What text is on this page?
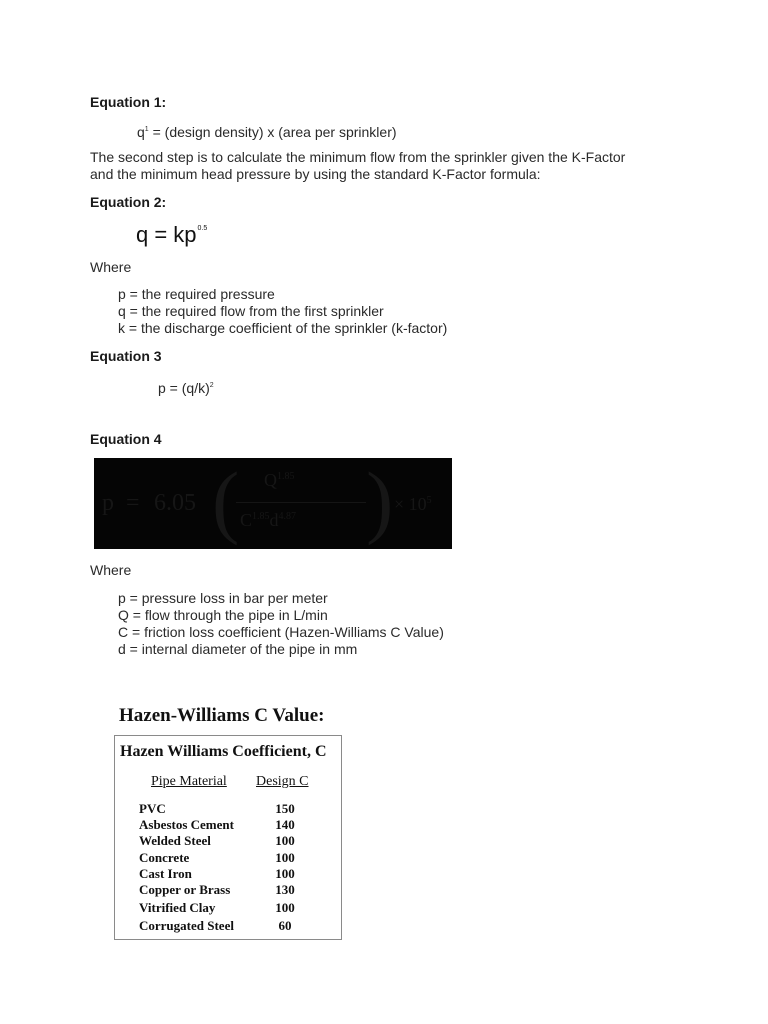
Equation 1:
$q^1$ = (design density) x (area per sprinkler)
The second step is to calculate the minimum flow from the sprinkler given the K-Factor
and the minimum head pressure by using the standard K-Factor formula:
Equation 2:
$q = kp^{0.5}$
Where
p = the required pressure
q = the required flow from the first sprinkler
k = the discharge coefficient of the sprinkler (k-factor)
Equation 3
$p = (q/k)^2$
Equation 4
p = 6.05 ( $Q^{1.85}$
$C^{1.85}d^{4.87}$ ) × $10^5$
Where
p = pressure loss in bar per meter
Q = flow through the pipe in L/min
C = friction loss coefficient (Hazen-Williams C Value)
d = internal diameter of the pipe in mm
Hazen-Williams C Value:
Hazen Williams Coefficient, C
Pipe Material Design C
PVC	150
Asbestos Cement	140
Welded Steel	100
Concrete	100
Cast Iron	100
Copper or Brass	130
Vitrified Clay	100
Corrugated Steel	60
